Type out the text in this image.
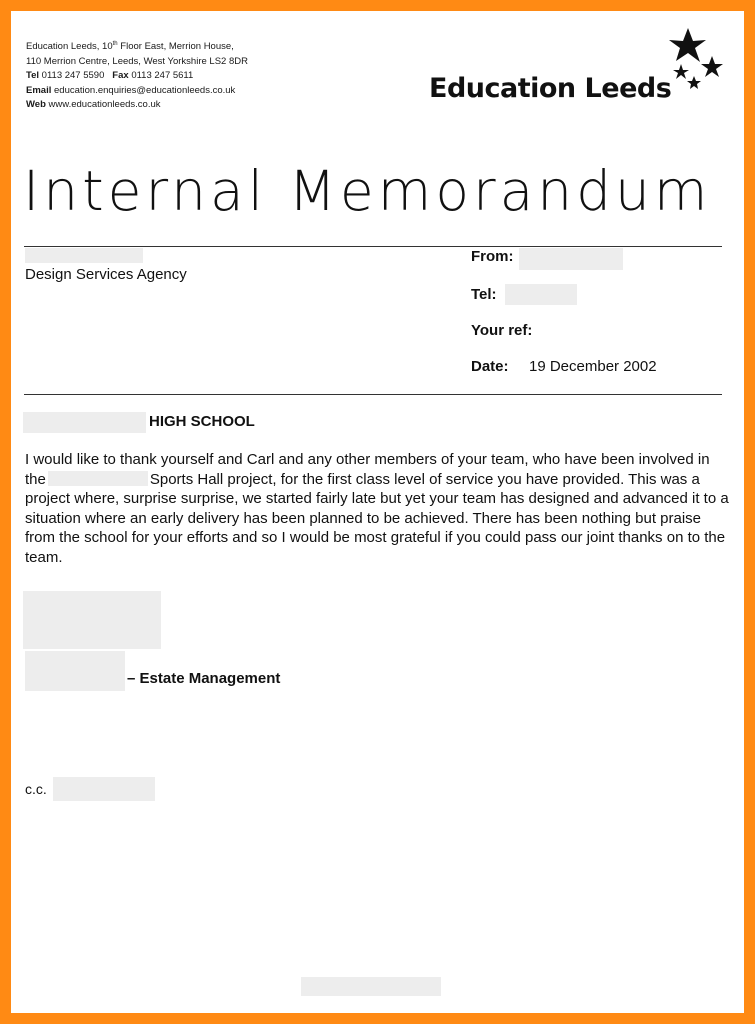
Education Leeds, 10th Floor East, Merrion House,
110 Merrion Centre, Leeds, West Yorkshire LS2 8DR
Tel 0113 247 5590 Fax 0113 247 5611
Email education.enquiries@educationleeds.co.uk
Web www.educationleeds.co.uk
Education Leeds
Internal Memorandum
Design Services Agency
From:
Tel:
Your ref:
Date: 19 December 2002
HIGH SCHOOL

I would like to thank yourself and Carl and any other members of your team, who have been involved in the	Sports Hall project, for the first class level of service you have provided. This was a project where, surprise surprise, we started fairly late but yet your team has designed and advanced it to a situation where an early delivery has been planned to be achieved. There has been nothing but praise from the school for your efforts and so I would be most grateful if you could pass our joint thanks on to the team.

– Estate Management
c.c.
